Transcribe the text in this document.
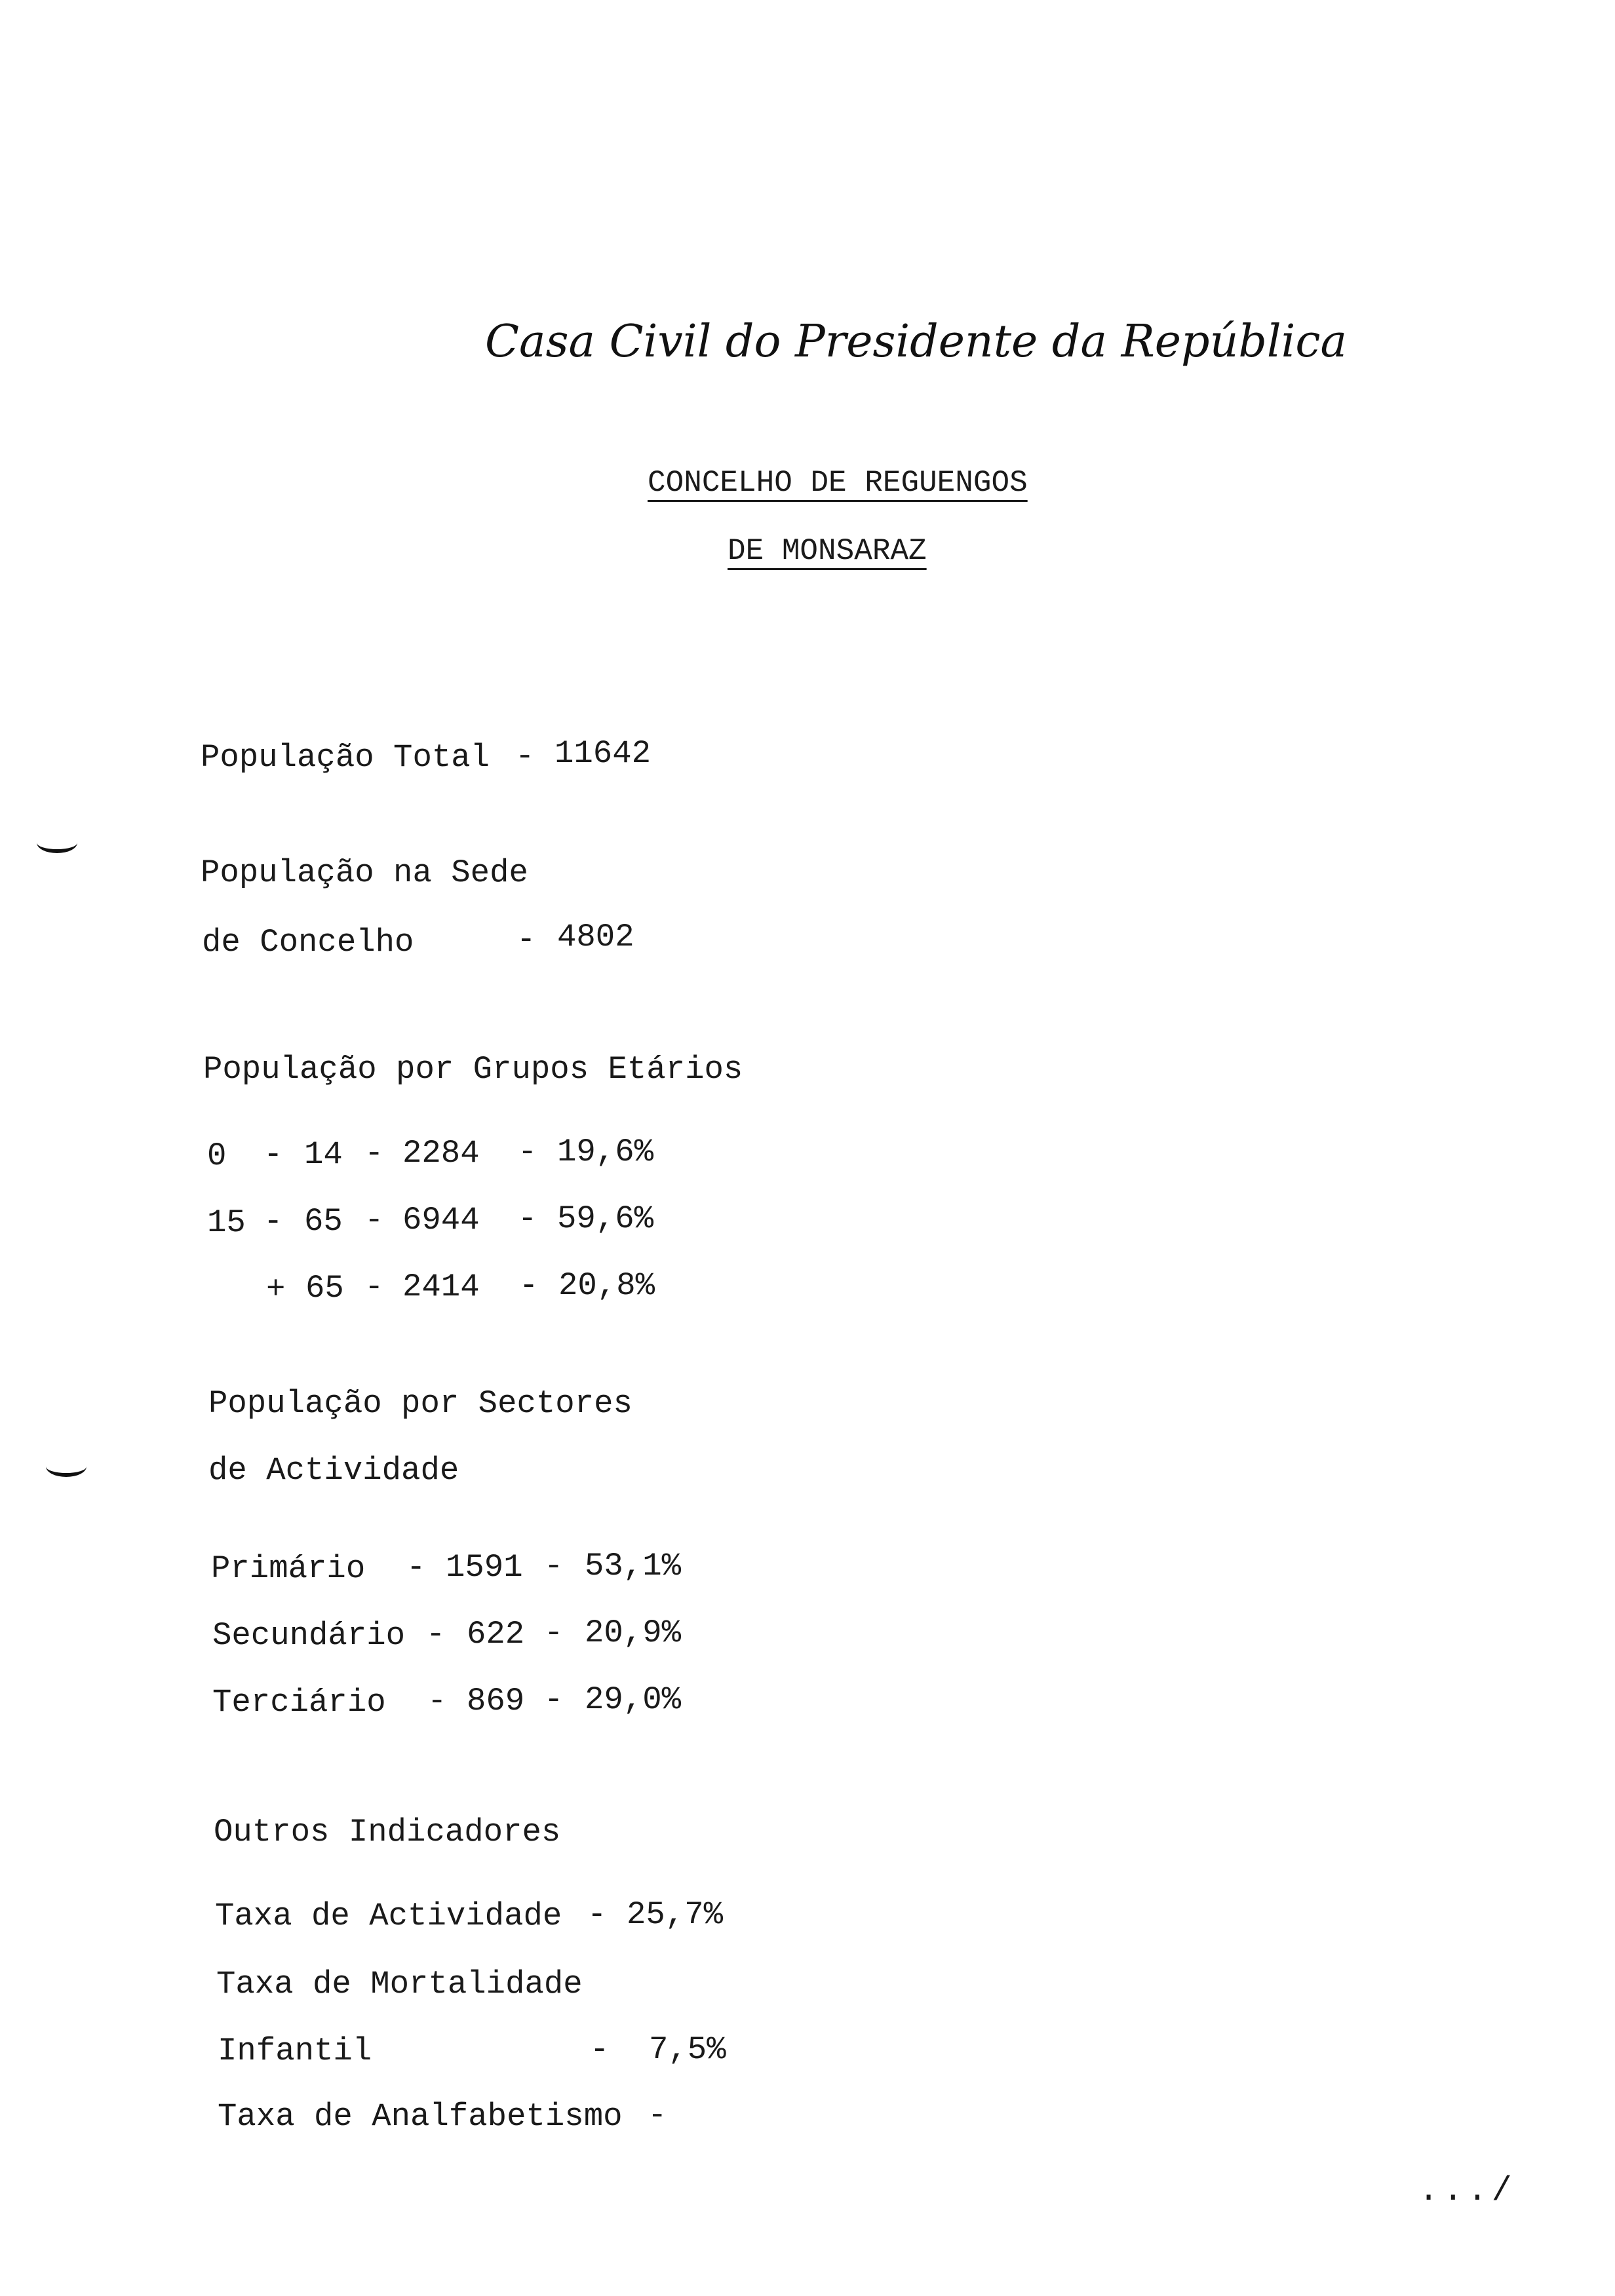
Casa Civil do Presidente da República
CONCELHO DE REGUENGOS
DE MONSARAZ
População Total - 11642
População na Sede
de Concelho	- 4802
População por Grupos Etários
0 - 14 - 2284 - 19,6%
15 - 65 - 6944 - 59,6%
+ 65 - 2414 - 20,8%
População por Sectores
de Actividade
Primário - 1591 - 53,1%
Secundário - 622 - 20,9%
Terciário - 869 - 29,0%
Outros Indicadores
Taxa de Actividade - 25,7%
Taxa de Mortalidade
Infantil	- 7,5%
Taxa de Analfabetismo -
.../
